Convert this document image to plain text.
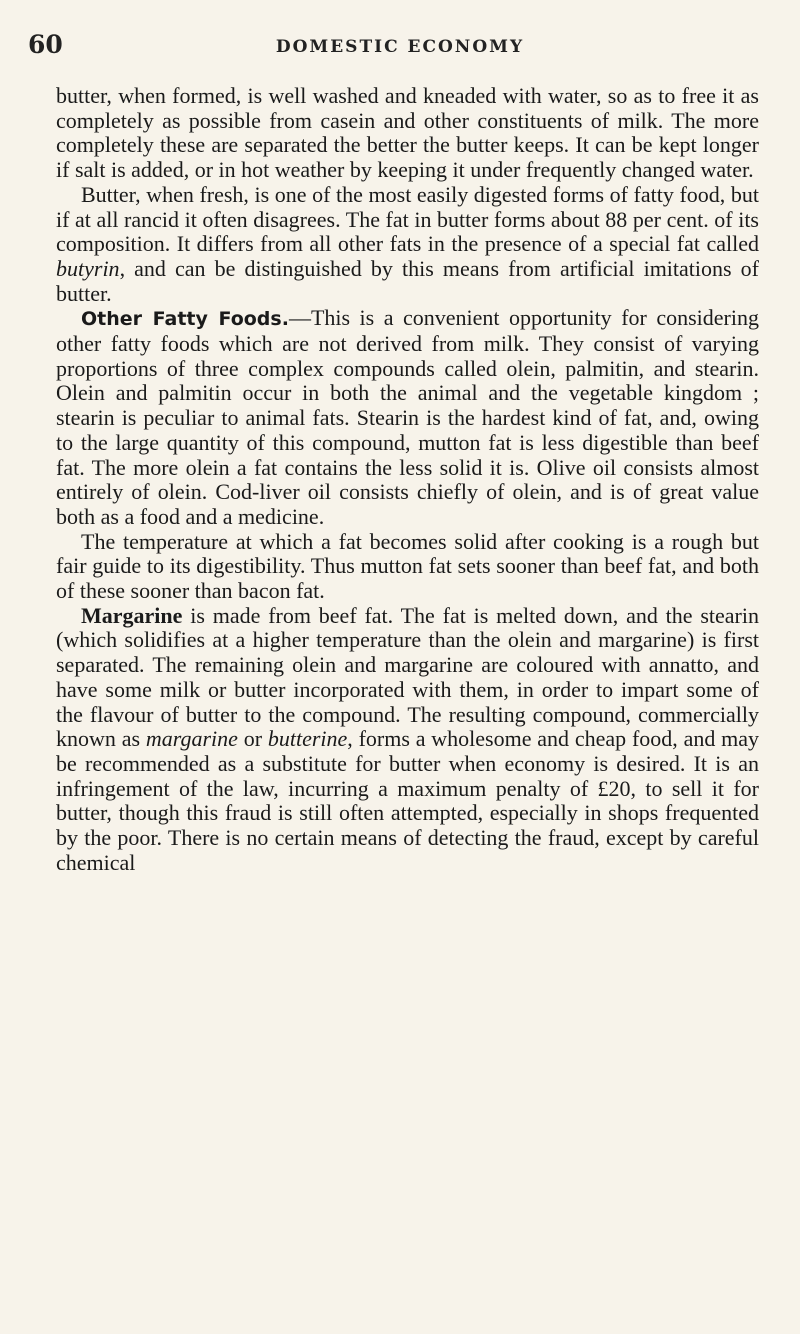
60	DOMESTIC ECONOMY

butter, when formed, is well washed and kneaded with water, so as to free it as completely as possible from casein and other constituents of milk. The more completely these are separated the better the butter keeps. It can be kept longer if salt is added, or in hot weather by keeping it under frequently changed water.

Butter, when fresh, is one of the most easily digested forms of fatty food, but if at all rancid it often disagrees. The fat in butter forms about 88 per cent. of its composition. It differs from all other fats in the presence of a special fat called butyrin, and can be distinguished by this means from artificial imitations of butter.

Other Fatty Foods.—This is a convenient opportunity for considering other fatty foods which are not derived from milk. They consist of varying proportions of three complex compounds called olein, palmitin, and stearin. Olein and palmitin occur in both the animal and the vegetable kingdom ; stearin is peculiar to animal fats. Stearin is the hardest kind of fat, and, owing to the large quantity of this compound, mutton fat is less digestible than beef fat. The more olein a fat contains the less solid it is. Olive oil consists almost entirely of olein. Cod-liver oil consists chiefly of olein, and is of great value both as a food and a medicine.

The temperature at which a fat becomes solid after cooking is a rough but fair guide to its digestibility. Thus mutton fat sets sooner than beef fat, and both of these sooner than bacon fat.

Margarine is made from beef fat. The fat is melted down, and the stearin (which solidifies at a higher temperature than the olein and margarine) is first separated. The remaining olein and margarine are coloured with annatto, and have some milk or butter incorporated with them, in order to impart some of the flavour of butter to the compound. The resulting compound, commercially known as margarine or butterine, forms a wholesome and cheap food, and may be recommended as a substitute for butter when economy is desired. It is an infringement of the law, incurring a maximum penalty of £20, to sell it for butter, though this fraud is still often attempted, especially in shops frequented by the poor. There is no certain means of detecting the fraud, except by careful chemical
